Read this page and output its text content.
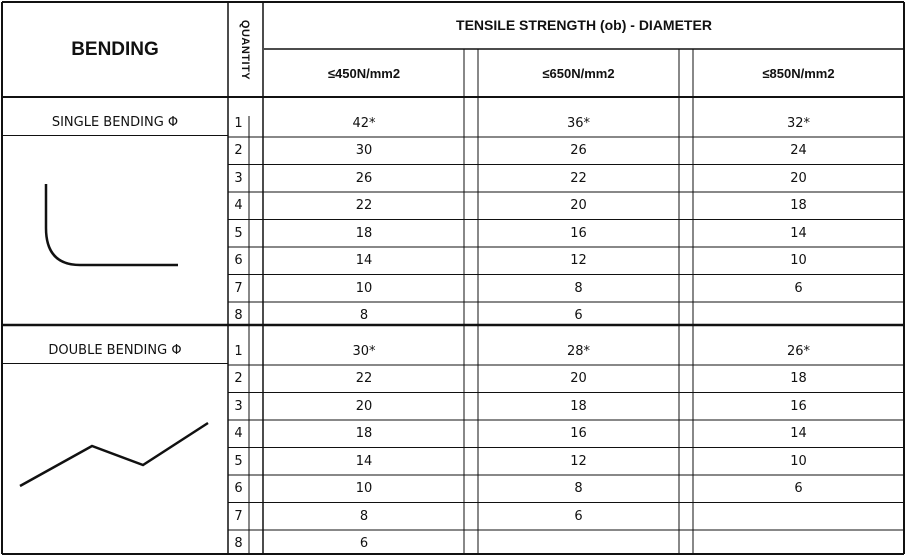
BENDING	QUANTITY	TENSILE STRENGTH (ob) - DIAMETER
≤450N/mm2	≤650N/mm2	≤850N/mm2
SINGLE BENDING Φ	1	42*	36*	32*
2	30	26	24
3	26	22	20
4	22	20	18
5	18	16	14
6	14	12	10
7	10	8	6
8	8	6
DOUBLE BENDING Φ	1	30*	28*	26*
2	22	20	18
3	20	18	16
4	18	16	14
5	14	12	10
6	10	8	6
7	8	6
8	6
